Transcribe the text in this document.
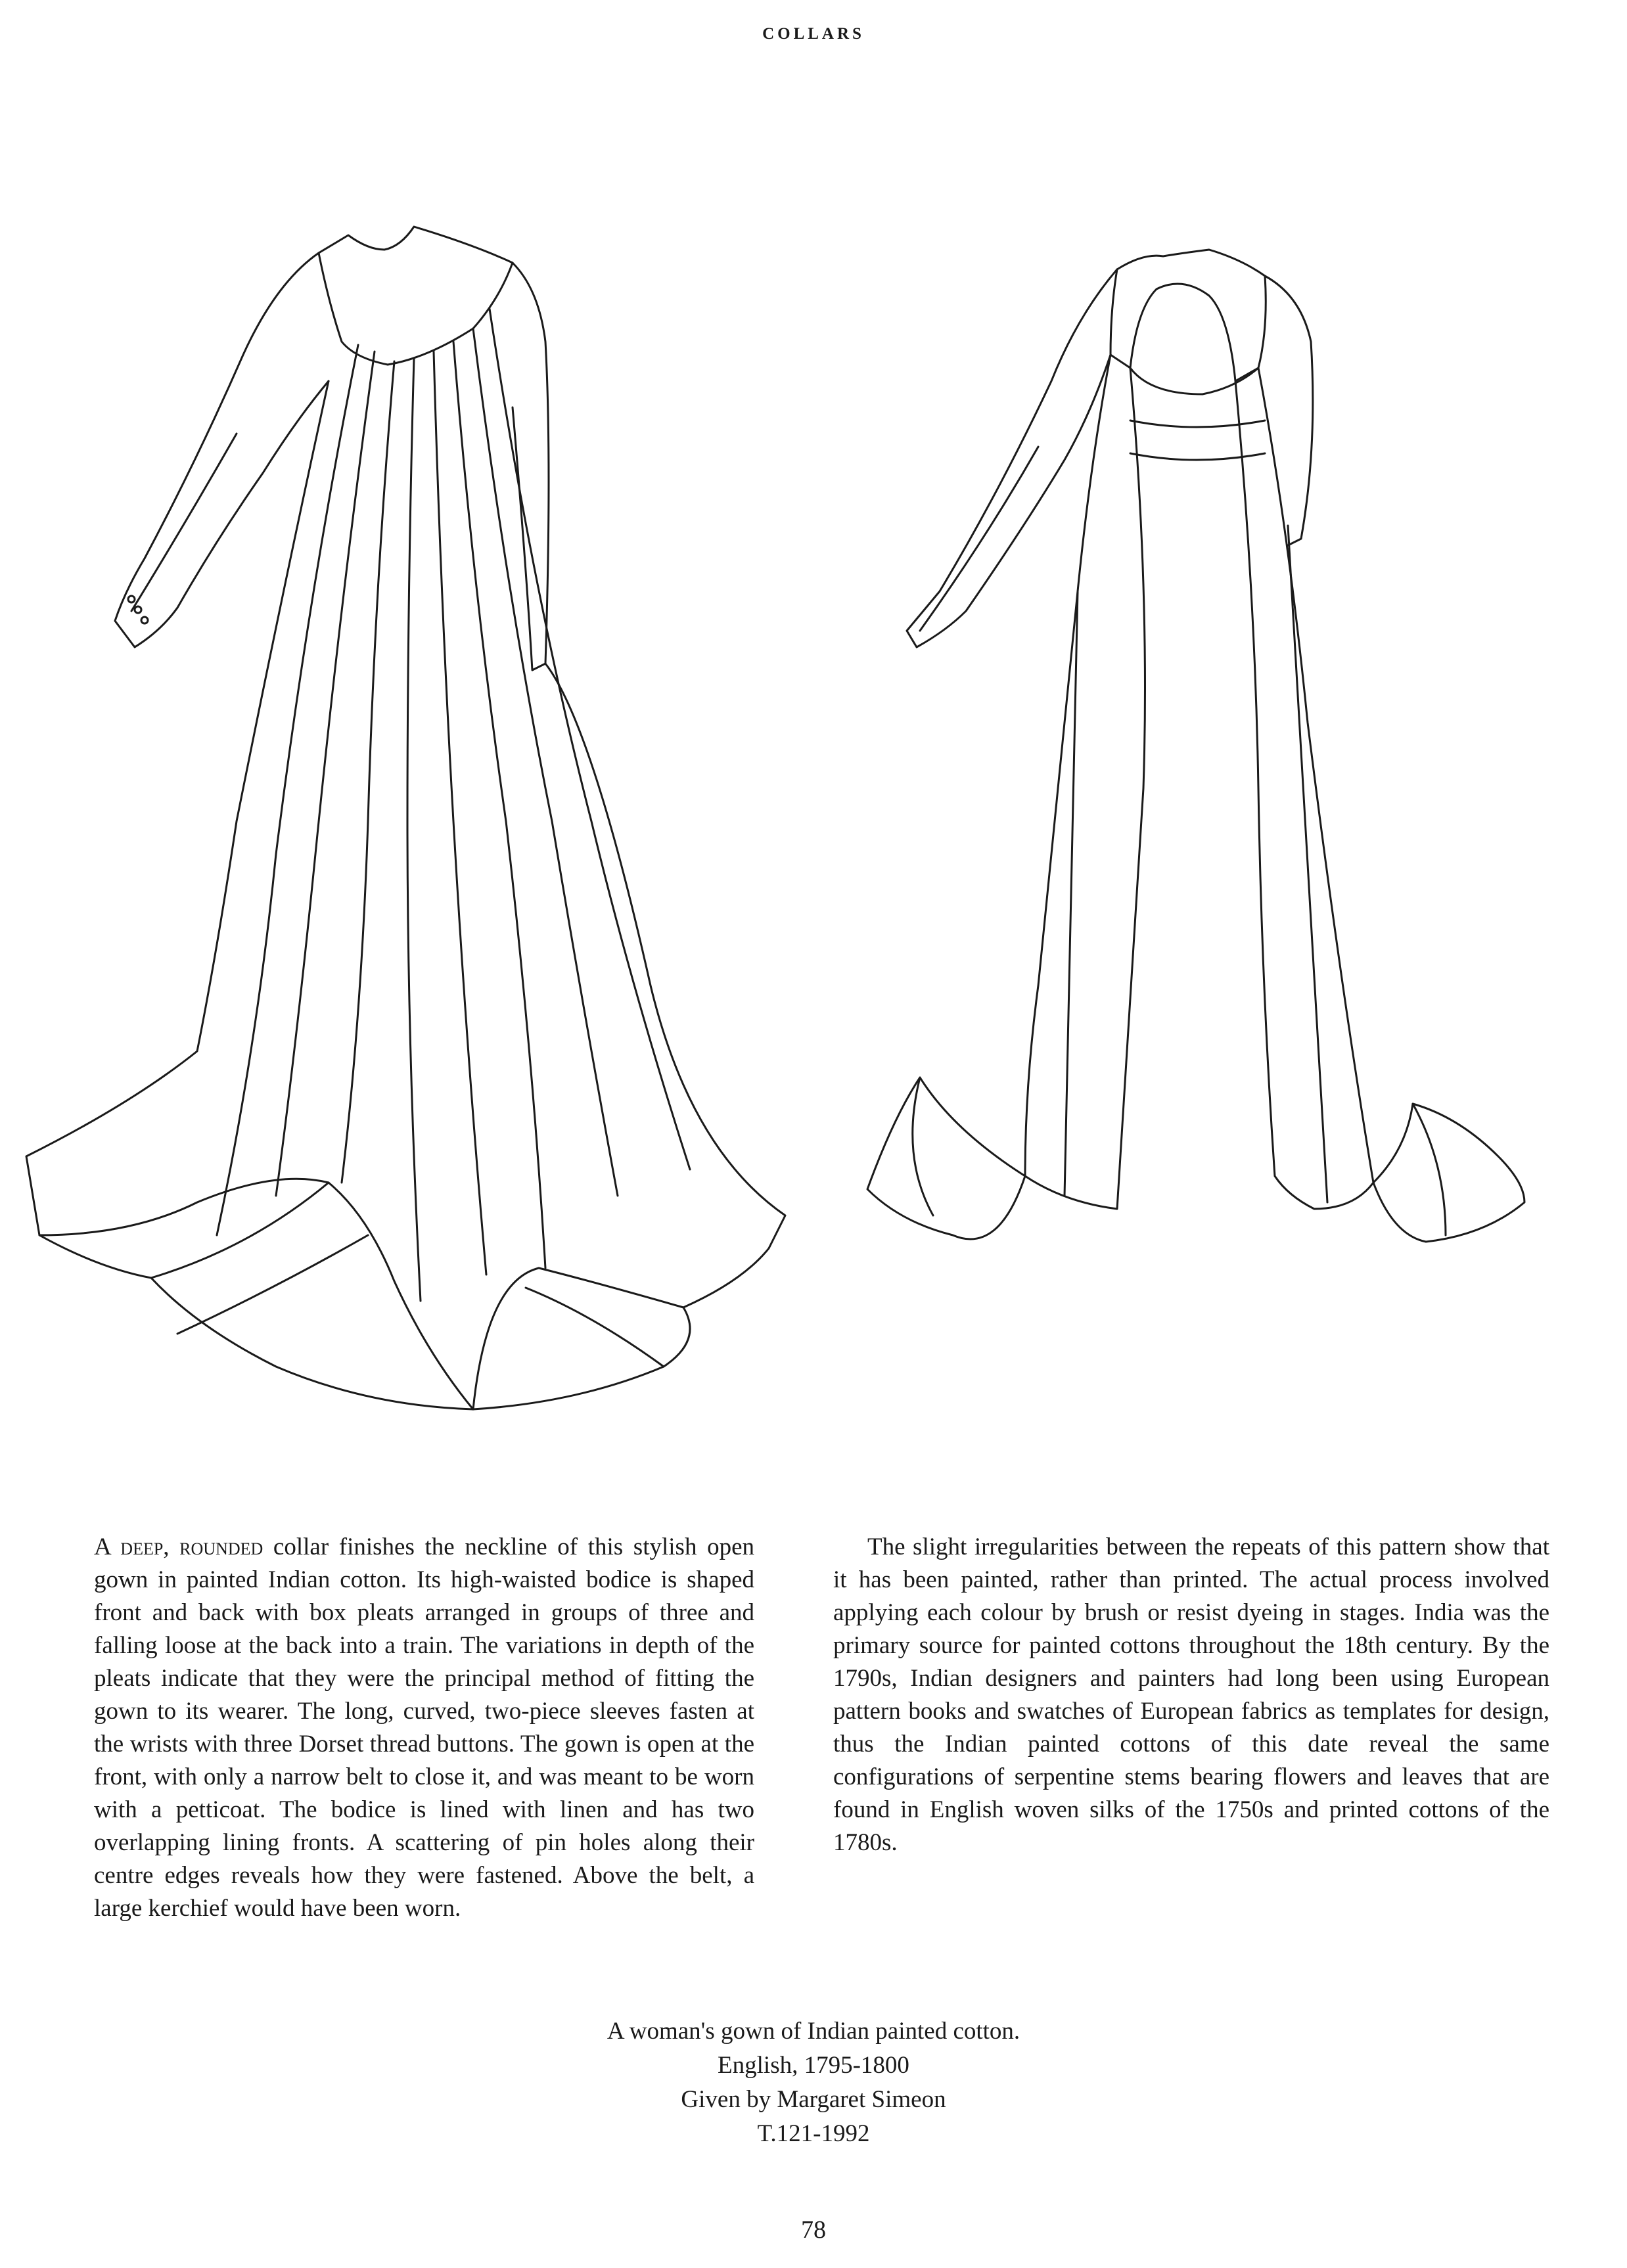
COLLARS
A deep, rounded collar finishes the neckline of this stylish open gown in painted Indian cotton. Its high-waisted bodice is shaped front and back with box pleats arranged in groups of three and falling loose at the back into a train. The variations in depth of the pleats indicate that they were the principal method of fitting the gown to its wearer. The long, curved, two-piece sleeves fasten at the wrists with three Dorset thread buttons. The gown is open at the front, with only a narrow belt to close it, and was meant to be worn with a petticoat. The bodice is lined with linen and has two overlapping lining fronts. A scattering of pin holes along their centre edges reveals how they were fastened. Above the belt, a large kerchief would have been worn.
The slight irregularities between the repeats of this pattern show that it has been painted, rather than printed. The actual process involved applying each colour by brush or resist dyeing in stages. India was the primary source for painted cottons throughout the 18th century. By the 1790s, Indian designers and painters had long been using European pattern books and swatches of European fabrics as templates for design, thus the Indian painted cottons of this date reveal the same configurations of serpentine stems bearing flowers and leaves that are found in English woven silks of the 1750s and printed cottons of the 1780s.
A woman's gown of Indian painted cotton.
English, 1795-1800
Given by Margaret Simeon
T.121-1992
78
